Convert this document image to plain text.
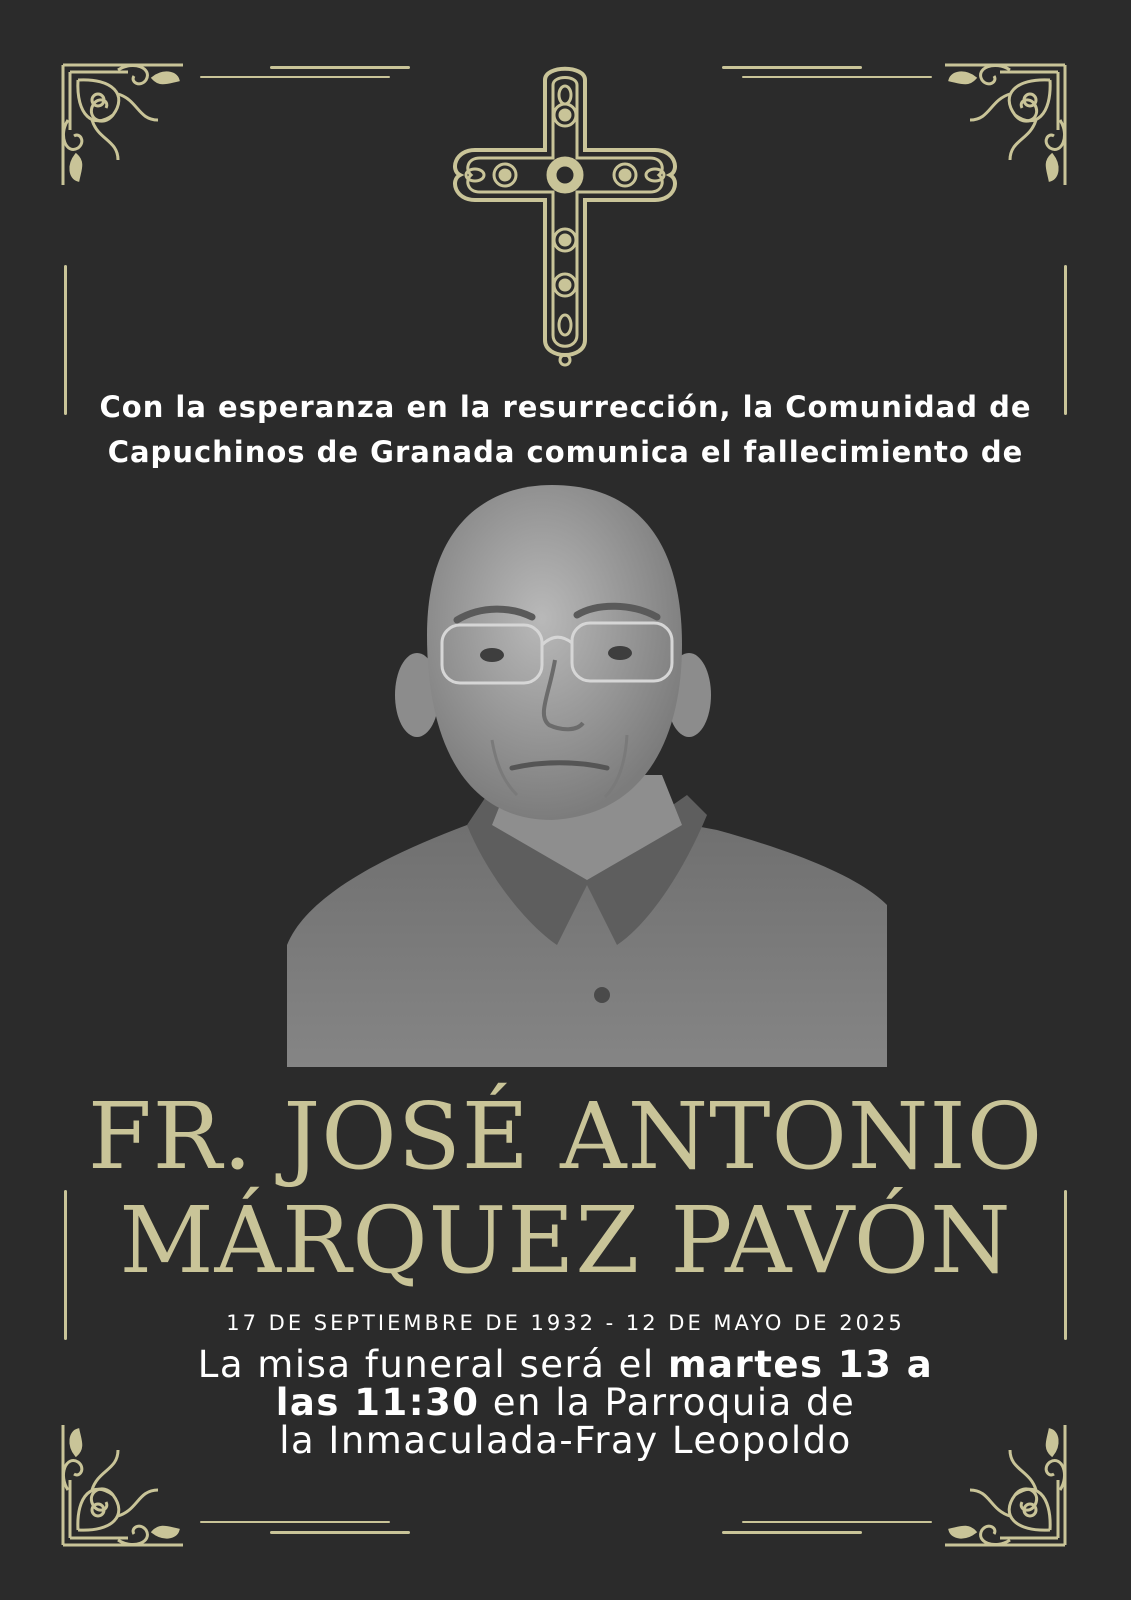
Con la esperanza en la resurrección, la Comunidad de
Capuchinos de Granada comunica el fallecimiento de
FR. JOSÉ ANTONIO
MÁRQUEZ PAVÓN
17 DE SEPTIEMBRE DE 1932 - 12 DE MAYO DE 2025
La misa funeral será el martes 13 a
las 11:30 en la Parroquia de
la Inmaculada-Fray Leopoldo
